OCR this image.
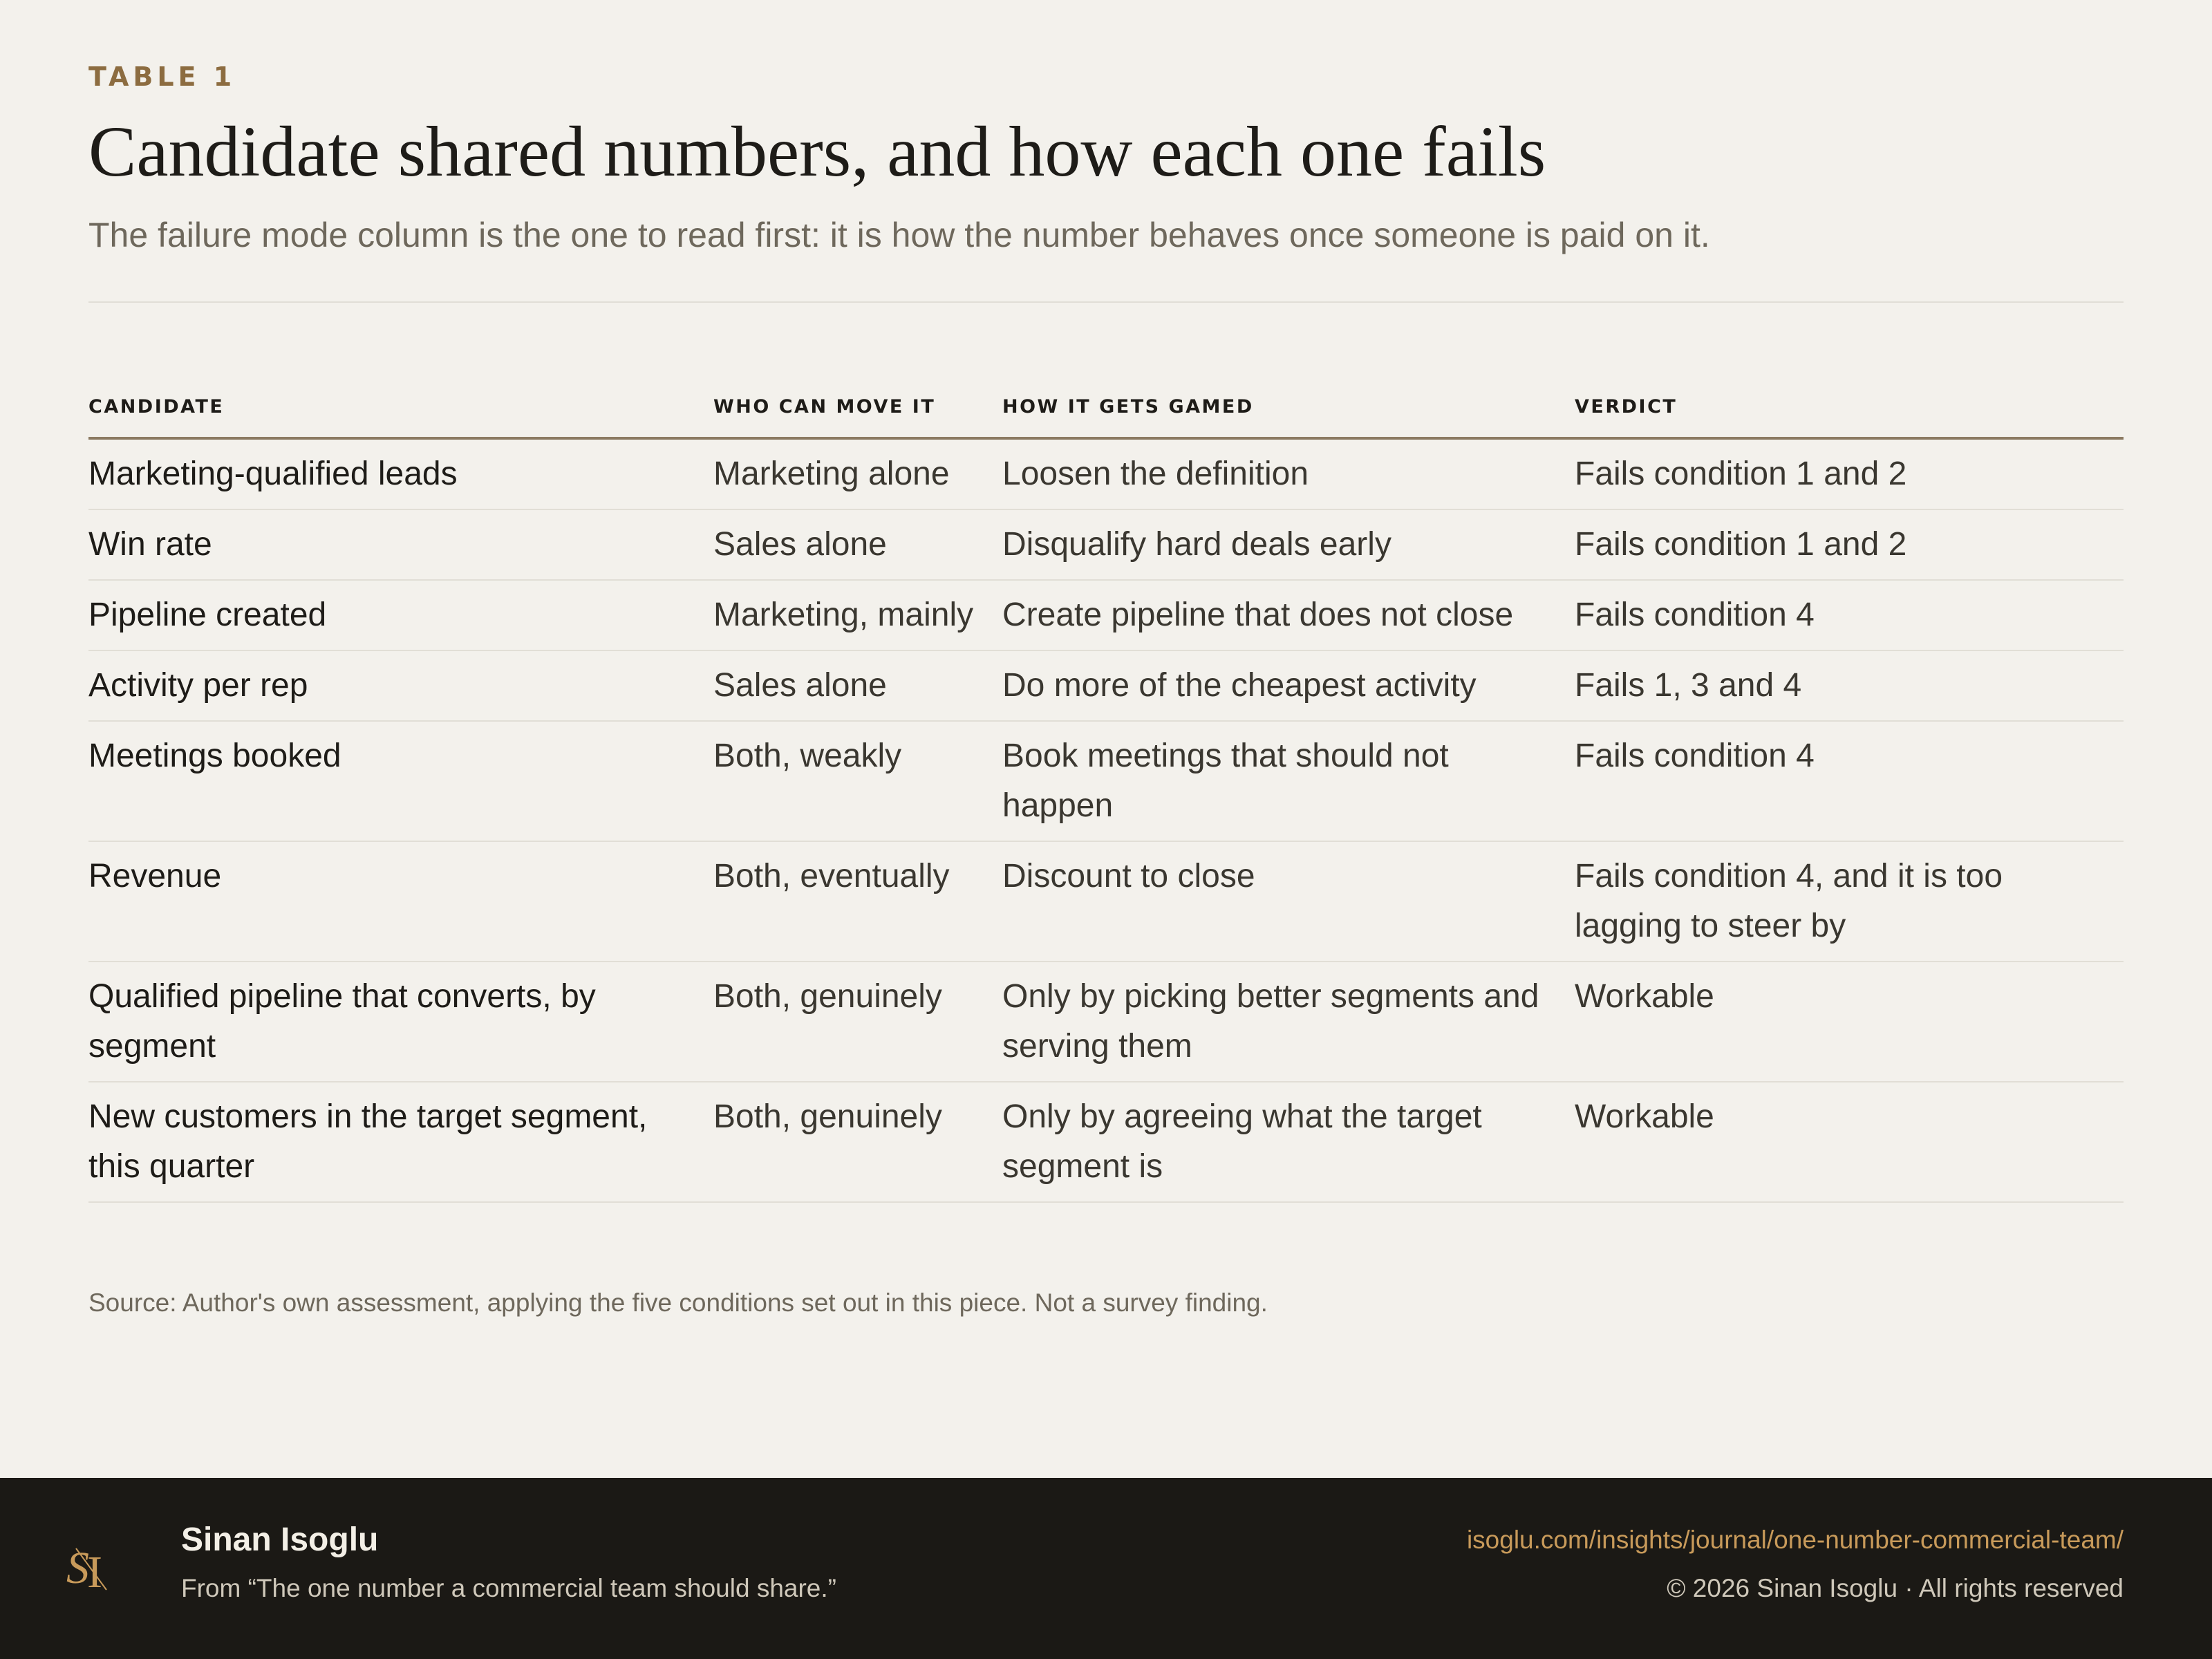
TABLE 1
Candidate shared numbers, and how each one fails
The failure mode column is the one to read first: it is how the number behaves once someone is paid on it.
CANDIDATE	WHO CAN MOVE IT	HOW IT GETS GAMED	VERDICT
Marketing-qualified leads	Marketing alone	Loosen the definition	Fails condition 1 and 2
Win rate	Sales alone	Disqualify hard deals early	Fails condition 1 and 2
Pipeline created	Marketing, mainly	Create pipeline that does not close	Fails condition 4
Activity per rep	Sales alone	Do more of the cheapest activity	Fails 1, 3 and 4
Meetings booked	Both, weakly	Book meetings that should not happen	Fails condition 4
Revenue	Both, eventually	Discount to close	Fails condition 4, and it is too lagging to steer by
Qualified pipeline that converts, by segment	Both, genuinely	Only by picking better segments and serving them	Workable
New customers in the target segment, this quarter	Both, genuinely	Only by agreeing what the target segment is	Workable
Source: Author's own assessment, applying the five conditions set out in this piece. Not a survey finding.
S
I
Sinan Isoglu
From “The one number a commercial team should share.”
isoglu.com/insights/journal/one-number-commercial-team/
© 2026 Sinan Isoglu · All rights reserved
